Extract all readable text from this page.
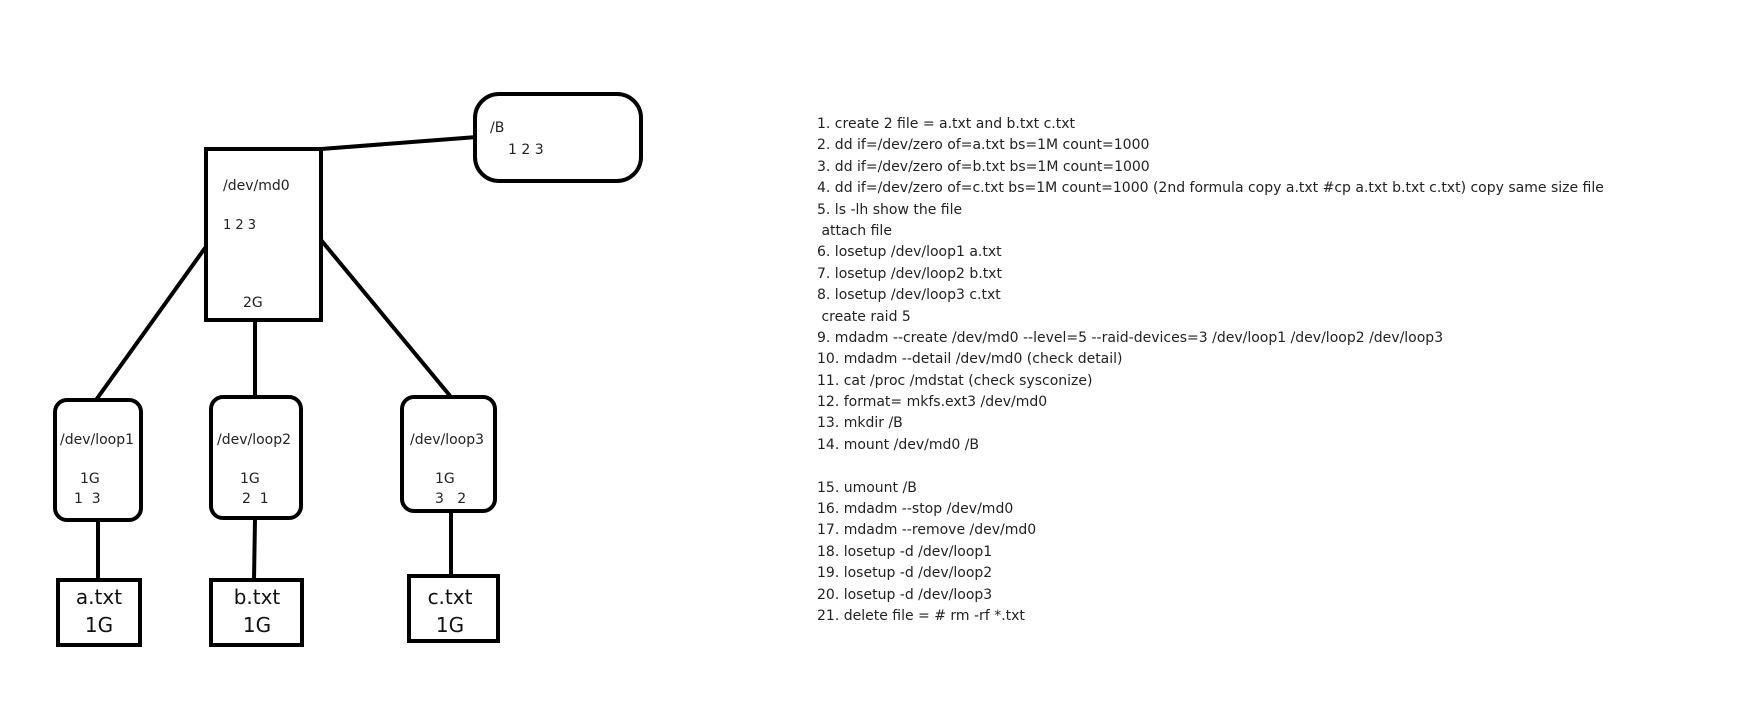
/B
1 2 3
/dev/md0
1 2 3
2G
/dev/loop1
1G
1  3
/dev/loop2
1G
2  1
/dev/loop3
1G
3   2
a.txt
1G
b.txt
1G
c.txt
1G
1. create 2 file = a.txt and b.txt c.txt
2. dd if=/dev/zero of=a.txt bs=1M count=1000
3. dd if=/dev/zero of=b.txt bs=1M count=1000
4. dd if=/dev/zero of=c.txt bs=1M count=1000 (2nd formula copy a.txt #cp a.txt b.txt c.txt) copy same size file
5. ls -lh show the file
attach file
6. losetup /dev/loop1 a.txt
7. losetup /dev/loop2 b.txt
8. losetup /dev/loop3 c.txt
create raid 5
9. mdadm --create /dev/md0 --level=5 --raid-devices=3 /dev/loop1 /dev/loop2 /dev/loop3
10. mdadm --detail /dev/md0 (check detail)
11. cat /proc /mdstat (check sysconize)
12. format= mkfs.ext3 /dev/md0
13. mkdir /B
14. mount /dev/md0 /B
15. umount /B
16. mdadm --stop /dev/md0
17. mdadm --remove /dev/md0
18. losetup -d /dev/loop1
19. losetup -d /dev/loop2
20. losetup -d /dev/loop3
21. delete file = # rm -rf *.txt
